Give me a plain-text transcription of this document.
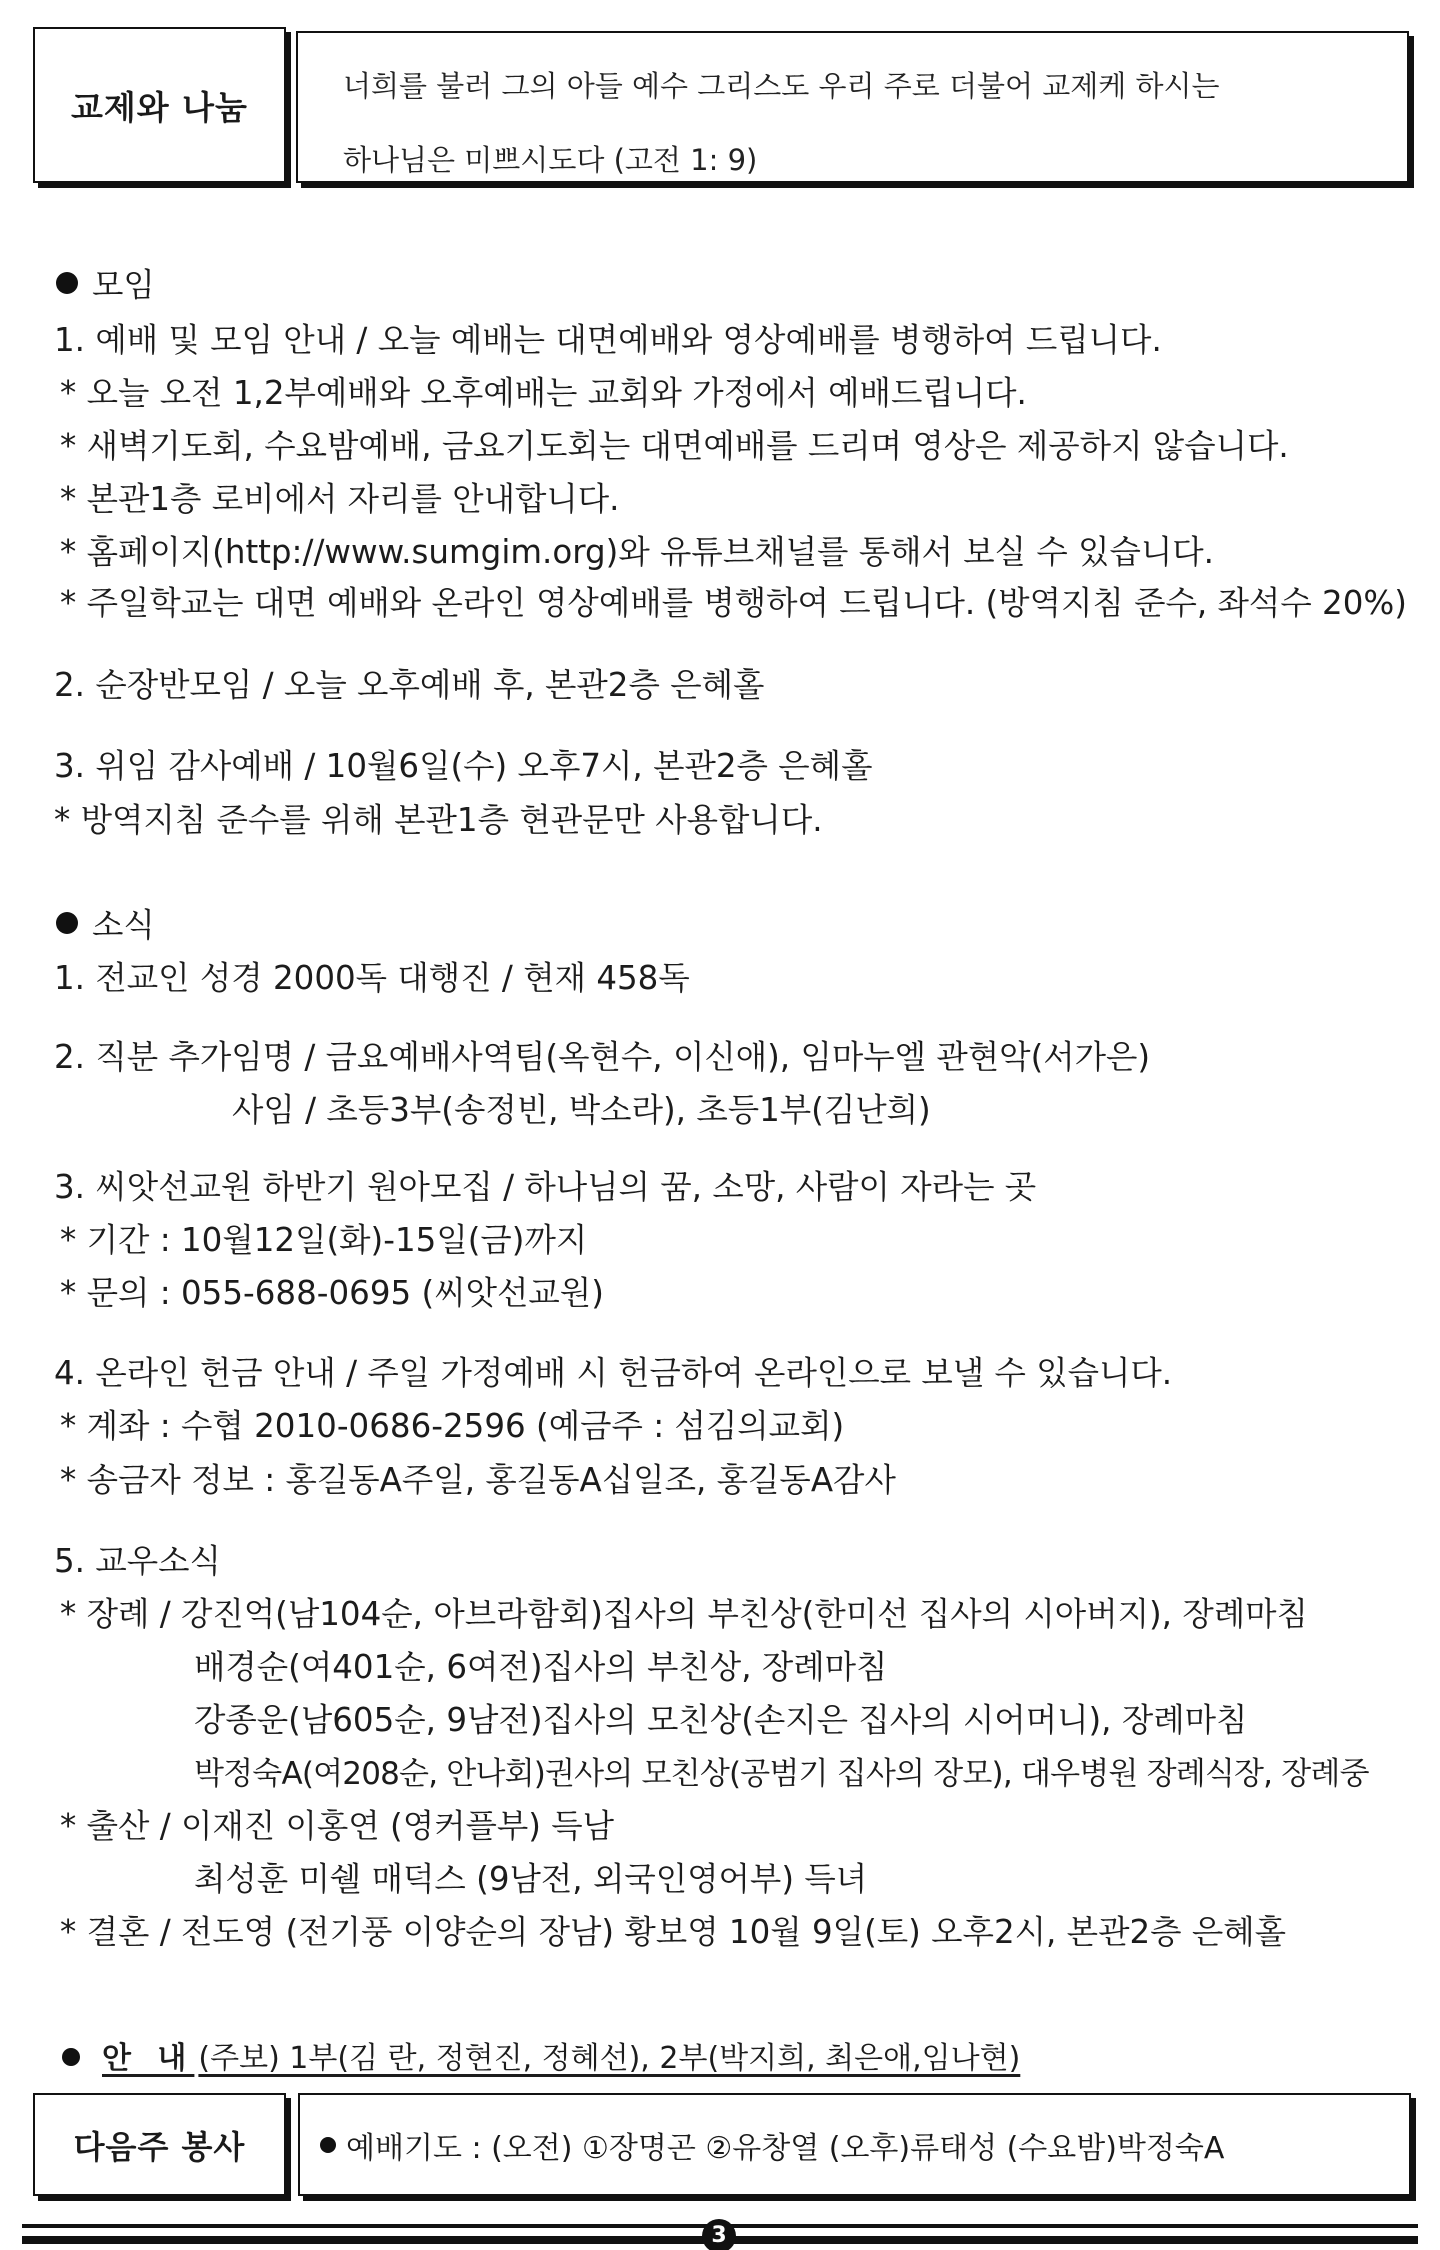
교제와 나눔
너희를 불러 그의 아들 예수 그리스도 우리 주로 더불어 교제케 하시는
하나님은 미쁘시도다 (고전 1: 9)
모임
1. 예배 및 모임 안내 / 오늘 예배는 대면예배와 영상예배를 병행하여 드립니다.
* 오늘 오전 1,2부예배와 오후예배는 교회와 가정에서 예배드립니다.
* 새벽기도회, 수요밤예배, 금요기도회는 대면예배를 드리며 영상은 제공하지 않습니다.
* 본관1층 로비에서 자리를 안내합니다.
* 홈페이지(http://www.sumgim.org)와 유튜브채널를 통해서 보실 수 있습니다.
* 주일학교는 대면 예배와 온라인 영상예배를 병행하여 드립니다. (방역지침 준수, 좌석수 20%)
2. 순장반모임 / 오늘 오후예배 후, 본관2층 은혜홀
3. 위임 감사예배 / 10월6일(수) 오후7시, 본관2층 은혜홀
* 방역지침 준수를 위해 본관1층 현관문만 사용합니다.
소식
1. 전교인 성경 2000독 대행진 / 현재 458독
2. 직분 추가임명 / 금요예배사역팀(옥현수, 이신애), 임마누엘 관현악(서가은)
사임 / 초등3부(송정빈, 박소라), 초등1부(김난희)
3. 씨앗선교원 하반기 원아모집 / 하나님의 꿈, 소망, 사람이 자라는 곳
* 기간 : 10월12일(화)-15일(금)까지
* 문의 : 055-688-0695 (씨앗선교원)
4. 온라인 헌금 안내 / 주일 가정예배 시 헌금하여 온라인으로 보낼 수 있습니다.
* 계좌 : 수협 2010-0686-2596 (예금주 : 섬김의교회)
* 송금자 정보 : 홍길동A주일, 홍길동A십일조, 홍길동A감사
5. 교우소식
* 장례 / 강진억(남104순, 아브라함회)집사의 부친상(한미선 집사의 시아버지), 장례마침
배경순(여401순, 6여전)집사의 부친상, 장례마침
강종운(남605순, 9남전)집사의 모친상(손지은 집사의 시어머니), 장례마침
박정숙A(여208순, 안나회)권사의 모친상(공범기 집사의 장모), 대우병원 장례식장, 장례중
* 출산 / 이재진 이홍연 (영커플부) 득남
최성훈 미쉘 매덕스 (9남전, 외국인영어부) 득녀
* 결혼 / 전도영 (전기풍 이양순의 장남) 황보영 10월 9일(토) 오후2시, 본관2층 은혜홀
안 내 (주보) 1부(김 란, 정현진, 정혜선), 2부(박지희, 최은애,임나현)
다음주 봉사	예배기도 : (오전) ①장명곤 ②유창열 (오후)류태성 (수요밤)박정숙A
3
